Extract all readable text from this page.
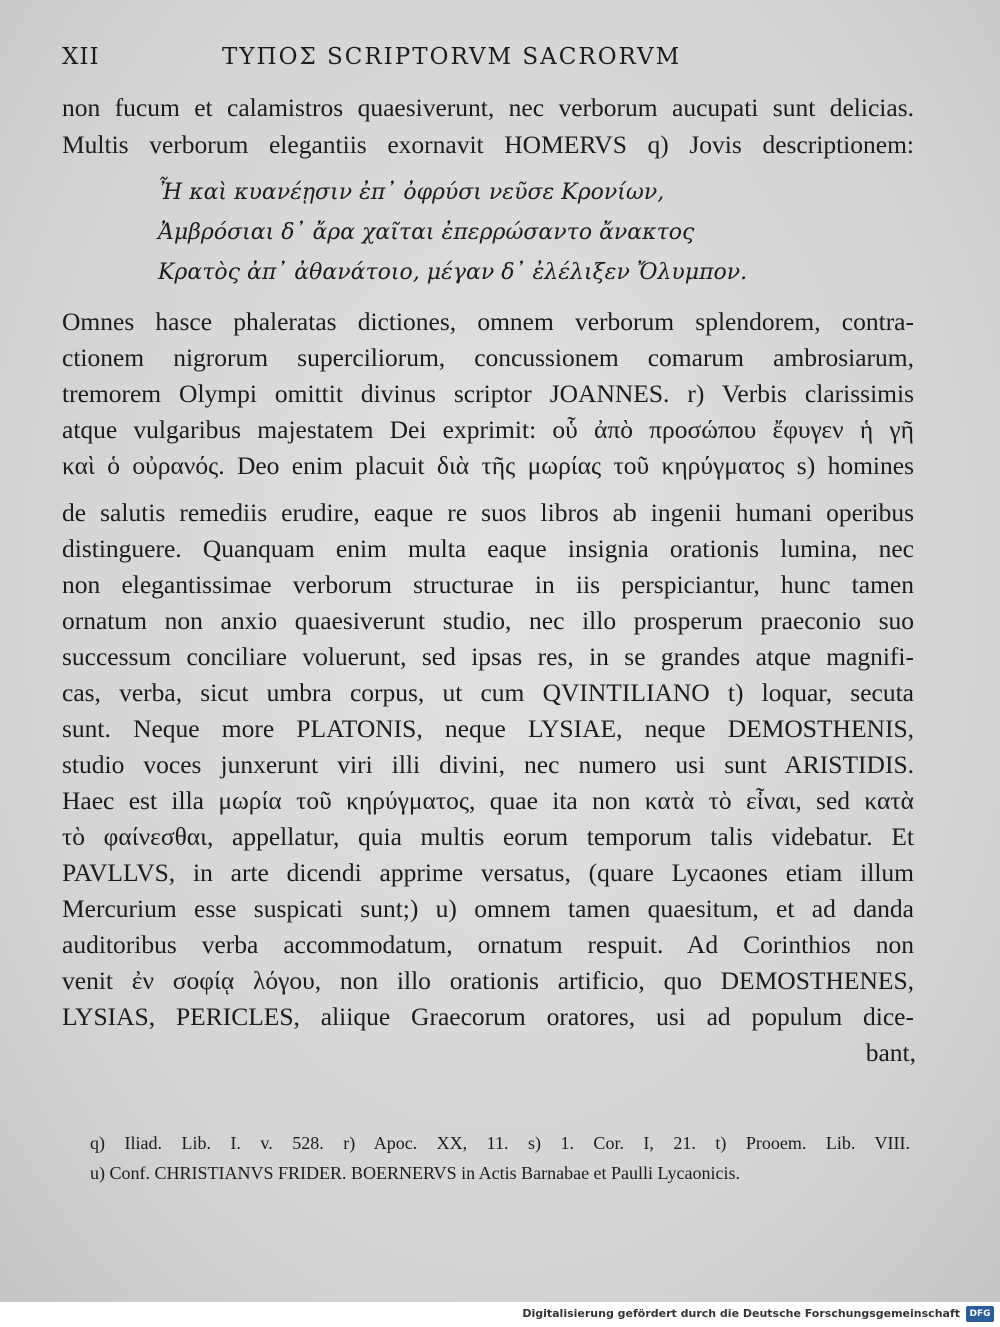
XII	ΤΥΠΟΣ SCRIPTORVM SACRORVM
non fucum et calamistros quaesiverunt, nec verborum aucupati sunt delicias.
Multis verborum elegantiis exornavit HOMERVS q) Jovis descriptionem:
Ἦ καὶ κυανέῃσιν ἐπ᾽ ὀφρύσι νεῦσε Κρονίων,
Ἀμβρόσιαι δ᾽ ἄρα χαῖται ἐπερρώσαντο ἄνακτος
Κρατὸς ἀπ᾽ ἀθανάτοιο, μέγαν δ᾽ ἐλέλιξεν Ὄλυμπον.
Omnes hasce phaleratas dictiones, omnem verborum splendorem, contra-
ctionem nigrorum superciliorum, concussionem comarum ambrosiarum,
tremorem Olympi omittit divinus scriptor JOANNES. r) Verbis clarissimis
atque vulgaribus majestatem Dei exprimit: οὗ ἀπὸ προσώπου ἔφυγεν ἡ γῆ
καὶ ὁ οὐρανός. Deo enim placuit διὰ τῆς μωρίας τοῦ κηρύγματος s) homines
de salutis remediis erudire, eaque re suos libros ab ingenii humani operibus
distinguere. Quanquam enim multa eaque insignia orationis lumina, nec
non elegantissimae verborum structurae in iis perspiciantur, hunc tamen
ornatum non anxio quaesiverunt studio, nec illo prosperum praeconio suo
successum conciliare voluerunt, sed ipsas res, in se grandes atque magnifi-
cas, verba, sicut umbra corpus, ut cum QVINTILIANO t) loquar, secuta
sunt. Neque more PLATONIS, neque LYSIAE, neque DEMOSTHENIS,
studio voces junxerunt viri illi divini, nec numero usi sunt ARISTIDIS.
Haec est illa μωρία τοῦ κηρύγματος, quae ita non κατὰ τὸ εἶναι, sed κατὰ
τὸ φαίνεσθαι, appellatur, quia multis eorum temporum talis videbatur. Et
PAVLLVS, in arte dicendi apprime versatus, (quare Lycaones etiam illum
Mercurium esse suspicati sunt;) u) omnem tamen quaesitum, et ad danda
auditoribus verba accommodatum, ornatum respuit. Ad Corinthios non
venit ἐν σοφίᾳ λόγου, non illo orationis artificio, quo DEMOSTHENES,
LYSIAS, PERICLES, aliique Graecorum oratores, usi ad populum dice-
bant,
q) Iliad. Lib. I. v. 528. r) Apoc. XX, 11. s) 1. Cor. I, 21. t) Prooem. Lib. VIII.
u) Conf. CHRISTIANVS FRIDER. BOERNERVS in Actis Barnabae et Paulli Lycaonicis.
Digitalisierung gefördert durch die Deutsche Forschungsgemeinschaft	DFG
